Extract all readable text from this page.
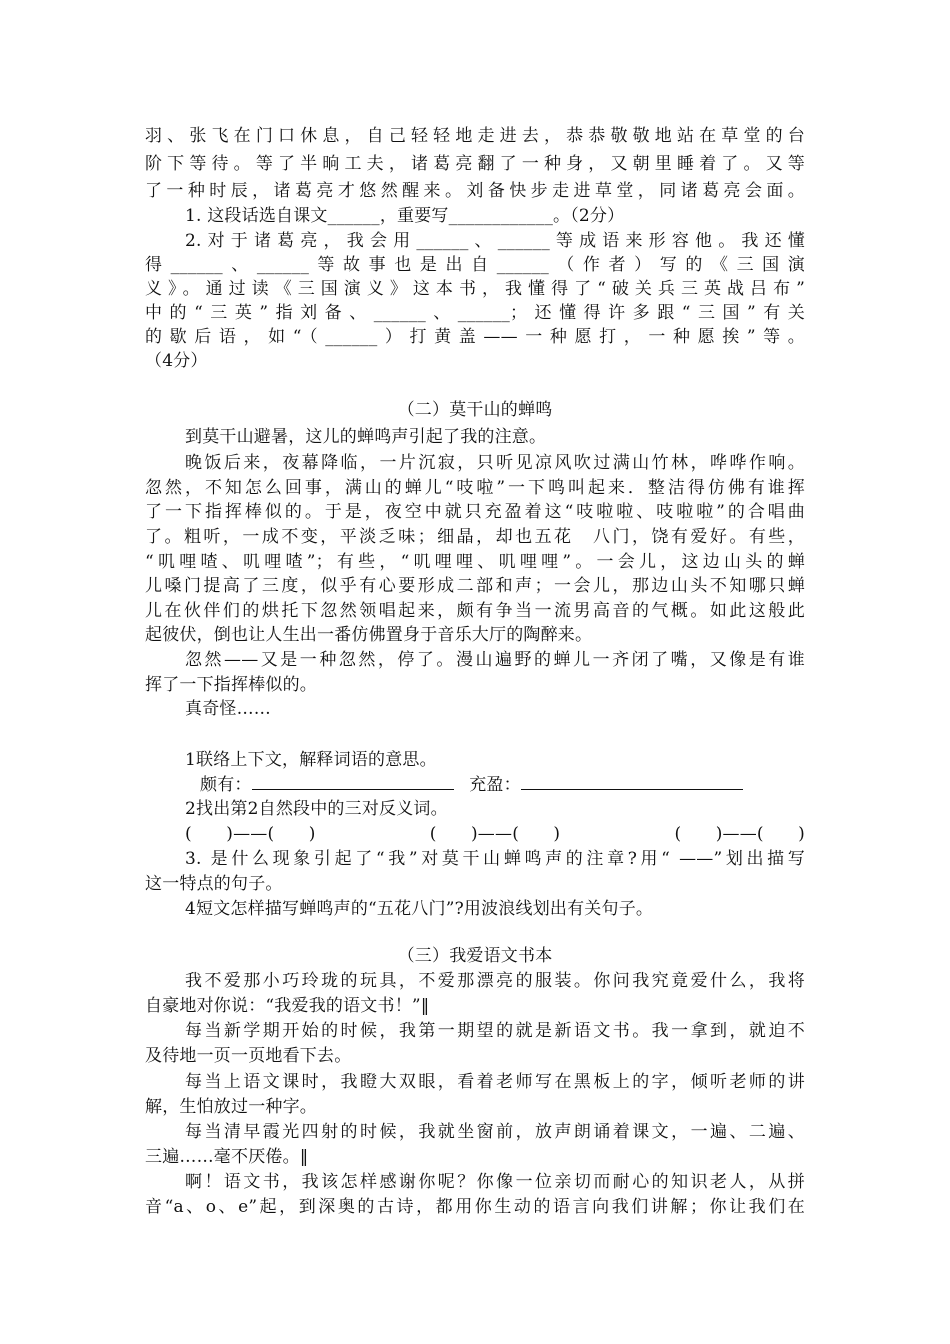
羽、张飞在门口休息，自己轻轻地走进去，恭恭敬敬地站在草堂的台
阶下等待。等了半晌工夫，诸葛亮翻了一种身，又朝里睡着了。又等
了一种时辰，诸葛亮才悠然醒来。刘备快步走进草堂，同诸葛亮会面。
1. 这段话选自课文______，重要写____________。（2分）
2.对于诸葛亮，我会用______、______等成语来形容他。我还懂
得______、______等故事也是出自______（作者）写的《三国演
义》。通过读《三国演义》这本书，我懂得了“破关兵三英战吕布”
中的“三英”指刘备、______、______；还懂得许多跟“三国”有关
的歇后语，如“（______）打黄盖——一种愿打，一种愿挨”等。
（4分）
（二）莫干山的蝉鸣
到莫干山避暑，这儿的蝉鸣声引起了我的注意。
晚饭后来，夜幕降临，一片沉寂，只听见凉风吹过满山竹林，哗哗作响。
忽然，不知怎么回事，满山的蝉儿“吱啦”一下鸣叫起来．整洁得仿佛有谁挥
了一下指挥棒似的。于是，夜空中就只充盈着这“吱啦啦、吱啦啦”的合唱曲
了。粗听，一成不变，平淡乏味；细晶，却也五花　八门，饶有爱好。有些，
“叽哩喳、叽哩喳”；有些，“叽哩哩、叽哩哩”。一会儿，这边山头的蝉
儿嗓门提高了三度，似乎有心要形成二部和声；一会儿，那边山头不知哪只蝉
儿在伙伴们的烘托下忽然领唱起来，颇有争当一流男高音的气概。如此这般此
起彼伏，倒也让人生出一番仿佛置身于音乐大厅的陶醉来。
忽然——又是一种忽然，停了。漫山遍野的蝉儿一齐闭了嘴，又像是有谁
挥了一下指挥棒似的。
真奇怪……
1联络上下文，解释词语的意思。
颇有：	充盈：
2找出第2自然段中的三对反义词。
(　　)——(　　)	(　　)——(　　)	(　　)——(　　)
3. 是什么现象引起了“我”对莫干山蝉鸣声的注章?用“ ——”划出描写
这一特点的句子。
4短文怎样描写蝉鸣声的“五花八门”?用波浪线划出有关句子。
（三）我爱语文书本
我不爱那小巧玲珑的玩具，不爱那漂亮的服装。你问我究竟爱什么，我将
自豪地对你说：“我爱我的语文书！”‖
每当新学期开始的时候，我第一期望的就是新语文书。我一拿到，就迫不
及待地一页一页地看下去。
每当上语文课时，我瞪大双眼，看着老师写在黑板上的字，倾听老师的讲
解，生怕放过一种字。
每当清早霞光四射的时候，我就坐窗前，放声朗诵着课文，一遍、二遍、
三遍……毫不厌倦。‖
啊！语文书，我该怎样感谢你呢？你像一位亲切而耐心的知识老人，从拼
音“a、o、e”起，到深奥的古诗，都用你生动的语言向我们讲解；你让我们在
